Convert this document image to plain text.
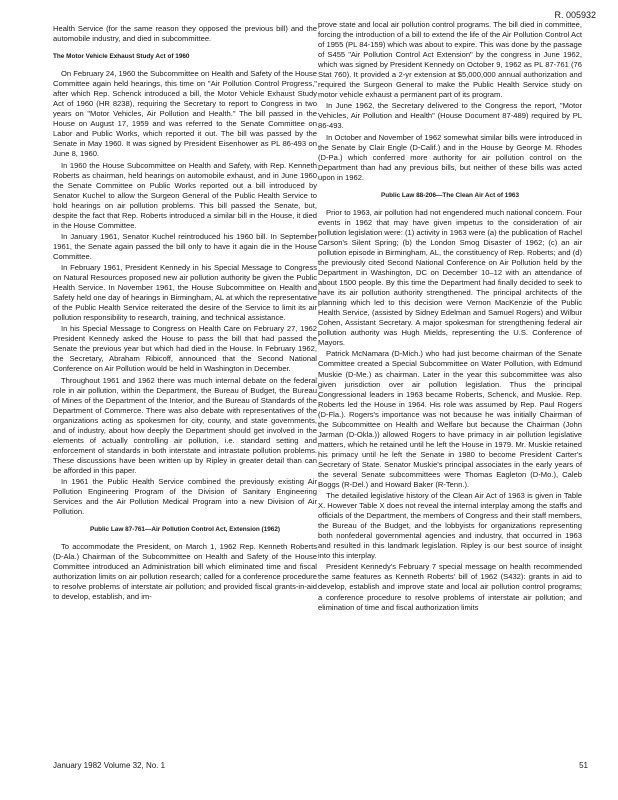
R. 005932

Health Service (for the same reason they opposed the previous bill) and the automobile industry, and died in subcommittee.

The Motor Vehicle Exhaust Study Act of 1960

On February 24, 1960 the Subcommittee on Health and Safety of the House Committee again held hearings, this time on "Air Pollution Control Progress," after which Rep. Schenck introduced a bill, the Motor Vehicle Exhaust Study Act of 1960 (HR 8238), requiring the Secretary to report to Congress in two years on "Motor Vehicles, Air Pollution and Health." The bill passed in the House on August 17, 1959 and was referred to the Senate Committee on Labor and Public Works, which reported it out. The bill was passed by the Senate in May 1960. It was signed by President Eisenhower as PL 86-493 on June 8, 1960.

In 1960 the House Subcommittee on Health and Safety, with Rep. Kenneth Roberts as chairman, held hearings on automobile exhaust, and in June 1960 the Senate Committee on Public Works reported out a bill introduced by Senator Kuchel to allow the Surgeon General of the Public Health Service to hold hearings on air pollution problems. This bill passed the Senate, but, despite the fact that Rep. Roberts introduced a similar bill in the House, it died in the House Committee.

In January 1961, Senator Kuchel reintroduced his 1960 bill. In September 1961, the Senate again passed the bill only to have it again die in the House Committee.

In February 1961, President Kennedy in his Special Message to Congress on Natural Resources proposed new air pollution authority be given the Public Health Service. In November 1961, the House Subcommittee on Health and Safety held one day of hearings in Birmingham, AL at which the representative of the Public Health Service reiterated the desire of the Service to limit its air pollution responsibility to research, training, and technical assistance.

In his Special Message to Congress on Health Care on February 27, 1962 President Kennedy asked the House to pass the bill that had passed the Senate the previous year but which had died in the House. In February 1962, the Secretary, Abraham Ribicoff, announced that the Second National Conference on Air Pollution would be held in Washington in December.

Throughout 1961 and 1962 there was much internal debate on the federal role in air pollution, within the Department, the Bureau of Budget, the Bureau of Mines of the Department of the Interior, and the Bureau of Standards of the Department of Commerce. There was also debate with representatives of the organizations acting as spokesmen for city, county, and state governments, and of industry, about how deeply the Department should get involved in the elements of actually controlling air pollution, i.e. standard setting and enforcement of standards in both interstate and intrastate pollution problems. These discussions have been written up by Ripley in greater detail than can be afforded in this paper.

In 1961 the Public Health Service combined the previously existing Air Pollution Engineering Program of the Division of Sanitary Engineering Services and the Air Pollution Medical Program into a new Division of Air Pollution.

Public Law 87-761—Air Pollution Control Act, Extension (1962)

To accommodate the President, on March 1, 1962 Rep. Kenneth Roberts (D-Ala.) Chairman of the Subcommittee on Health and Safety of the House Committee introduced an Administration bill which eliminated time and fiscal authorization limits on air pollution research; called for a conference procedure to resolve problems of interstate air pollution; and provided fiscal grants-in-aid to develop, establish, and im-

prove state and local air pollution control programs. The bill died in committee, forcing the introduction of a bill to extend the life of the Air Pollution Control Act of 1955 (PL 84-159) which was about to expire. This was done by the passage of S455 "Air Pollution Control Act Extension" by the congress in June 1962, which was signed by President Kennedy on October 9, 1962 as PL 87-761 (76 Stat 760). It provided a 2-yr extension at $5,000,000 annual authorization and required the Surgeon General to make the Public Health Service study on motor vehicle exhaust a permanent part of its program.

In June 1962, the Secretary delivered to the Congress the report, "Motor Vehicles, Air Pollution and Health" (House Document 87-489) required by PL 86-493.

In October and November of 1962 somewhat similar bills were introduced in the Senate by Clair Engle (D-Calif.) and in the House by George M. Rhodes (D-Pa.) which conferred more authority for air pollution control on the Department than had any previous bills, but neither of these bills was acted upon in 1962.

Public Law 88-206—The Clean Air Act of 1963

Prior to 1963, air pollution had not engendered much national concern. Four events in 1962 that may have given impetus to the consideration of air pollution legislation were: (1) activity in 1963 were (a) the publication of Rachel Carson's Silent Spring; (b) the London Smog Disaster of 1962; (c) an air pollution episode in Birmingham, AL, the constituency of Rep. Roberts; and (d) the previously cited Second National Conference on Air Pollution held by the Department in Washington, DC on December 10–12 with an attendance of about 1500 people. By this time the Department had finally decided to seek to have its air pollution authority strengthened. The principal architects of the planning which led to this decision were Vernon MacKenzie of the Public Health Service, (assisted by Sidney Edelman and Samuel Rogers) and Wilbur Cohen, Assistant Secretary. A major spokesman for strengthening federal air pollution authority was Hugh Mields, representing the U.S. Conference of Mayors.

Patrick McNamara (D-Mich.) who had just become chairman of the Senate Committee created a Special Subcommittee on Water Pollution, with Edmund Muskie (D-Me.) as chairman. Later in the year this subcommittee was also given jurisdiction over air pollution legislation. Thus the principal Congressional leaders in 1963 became Roberts, Schenck, and Muskie. Rep. Roberts led the House in 1964. His role was assumed by Rep. Paul Rogers (D-Fla.). Rogers's importance was not because he was initially Chairman of the Subcommittee on Health and Welfare but because the Chairman (John Jarman (D-Okla.)) allowed Rogers to have primacy in air pollution legislative matters, which he retained until he left the House in 1979. Mr. Muskie retained his primacy until he left the Senate in 1980 to become President Carter's Secretary of State. Senator Muskie's principal associates in the early years of the several Senate subcommittees were Thomas Eagleton (D-Mo.), Caleb Boggs (R-Del.) and Howard Baker (R-Tenn.).

The detailed legislative history of the Clean Air Act of 1963 is given in Table X. However Table X does not reveal the internal interplay among the staffs and officials of the Department, the members of Congress and their staff members, the Bureau of the Budget, and the lobbyists for organizations representing both nonfederal governmental agencies and industry, that occurred in 1963 and resulted in this landmark legislation. Ripley is our best source of insight into this interplay.

President Kennedy's February 7 special message on health recommended the same features as Kenneth Roberts' bill of 1962 (S432): grants in aid to develop, establish and improve state and local air pollution control programs; a conference procedure to resolve problems of interstate air pollution; and elimination of time and fiscal authorization limits

January 1982 Volume 32, No. 1	51
